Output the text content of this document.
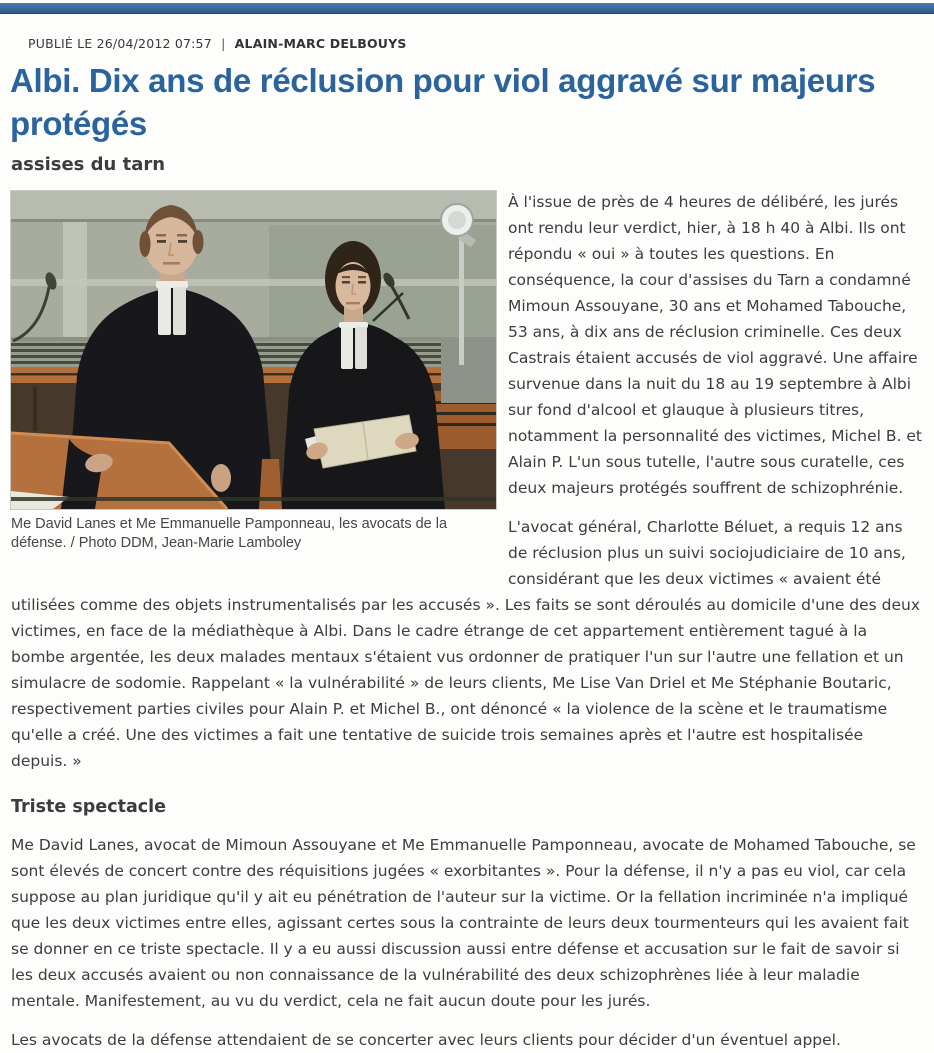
PUBLIÉ LE 26/04/2012 07:57 | ALAIN-MARC DELBOUYS
Albi. Dix ans de réclusion pour viol aggravé sur majeurs protégés
assises du tarn
Me David Lanes et Me Emmanuelle Pamponneau, les avocats de la défense. / Photo DDM, Jean-Marie Lamboley

À l'issue de près de 4 heures de délibéré, les jurés ont rendu leur verdict, hier, à 18 h 40 à Albi. Ils ont répondu « oui » à toutes les questions. En conséquence, la cour d'assises du Tarn a condamné Mimoun Assouyane, 30 ans et Mohamed Tabouche, 53 ans, à dix ans de réclusion criminelle. Ces deux Castrais étaient accusés de viol aggravé. Une affaire survenue dans la nuit du 18 au 19 septembre à Albi sur fond d'alcool et glauque à plusieurs titres, notamment la personnalité des victimes, Michel B. et Alain P. L'un sous tutelle, l'autre sous curatelle, ces deux majeurs protégés souffrent de schizophrénie.

L'avocat général, Charlotte Béluet, a requis 12 ans de réclusion plus un suivi sociojudiciaire de 10 ans, considérant que les deux victimes « avaient été utilisées comme des objets instrumentalisés par les accusés ». Les faits se sont déroulés au domicile d'une des deux victimes, en face de la médiathèque à Albi. Dans le cadre étrange de cet appartement entièrement tagué à la bombe argentée, les deux malades mentaux s'étaient vus ordonner de pratiquer l'un sur l'autre une fellation et un simulacre de sodomie. Rappelant « la vulnérabilité » de leurs clients, Me Lise Van Driel et Me Stéphanie Boutaric, respectivement parties civiles pour Alain P. et Michel B., ont dénoncé « la violence de la scène et le traumatisme qu'elle a créé. Une des victimes a fait une tentative de suicide trois semaines après et l'autre est hospitalisée depuis. »

Triste spectacle

Me David Lanes, avocat de Mimoun Assouyane et Me Emmanuelle Pamponneau, avocate de Mohamed Tabouche, se sont élevés de concert contre des réquisitions jugées « exorbitantes ». Pour la défense, il n'y a pas eu viol, car cela suppose au plan juridique qu'il y ait eu pénétration de l'auteur sur la victime. Or la fellation incriminée n'a impliqué que les deux victimes entre elles, agissant certes sous la contrainte de leurs deux tourmenteurs qui les avaient fait se donner en ce triste spectacle. Il y a eu aussi discussion aussi entre défense et accusation sur le fait de savoir si les deux accusés avaient ou non connaissance de la vulnérabilité des deux schizophrènes liée à leur maladie mentale. Manifestement, au vu du verdict, cela ne fait aucun doute pour les jurés.

Les avocats de la défense attendaient de se concerter avec leurs clients pour décider d'un éventuel appel.
